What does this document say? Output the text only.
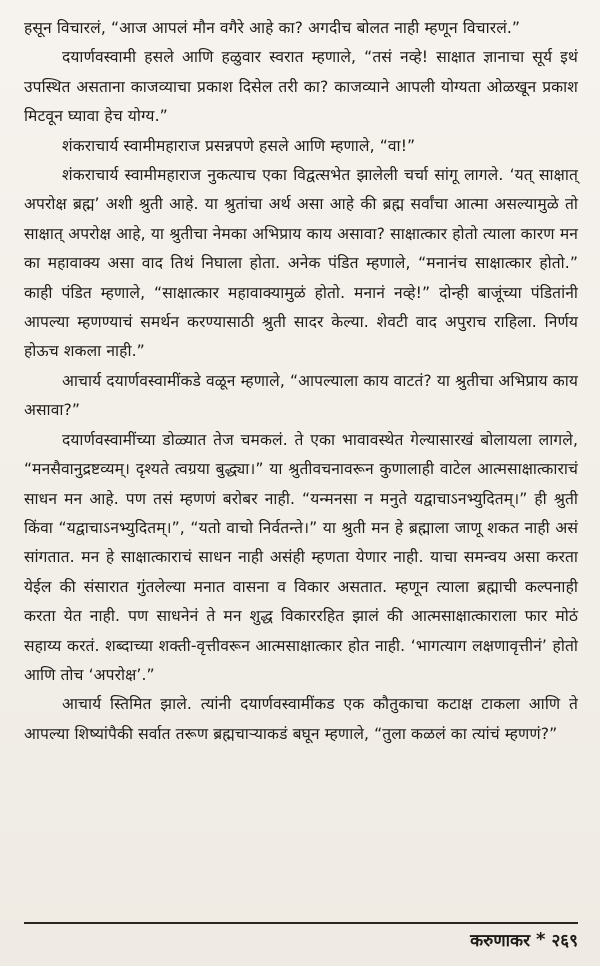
हसून विचारलं, “आज आपलं मौन वगैरे आहे का? अगदीच बोलत नाही म्हणून विचारलं.”

दयार्णवस्वामी हसले आणि हळुवार स्वरात म्हणाले, “तसं नव्हे! साक्षात ज्ञानाचा सूर्य इथं उपस्थित असताना काजव्याचा प्रकाश दिसेल तरी का? काजव्याने आपली योग्यता ओळखून प्रकाश मिटवून घ्यावा हेच योग्य.”

शंकराचार्य स्वामीमहाराज प्रसन्नपणे हसले आणि म्हणाले, “वा!”

शंकराचार्य स्वामीमहाराज नुकत्याच एका विद्वत्सभेत झालेली चर्चा सांगू लागले. ‘यत् साक्षात् अपरोक्ष ब्रह्म’ अशी श्रुती आहे. या श्रुतांचा अर्थ असा आहे की ब्रह्म सर्वांचा आत्मा असल्यामुळे तो साक्षात् अपरोक्ष आहे, या श्रुतीचा नेमका अभिप्राय काय असावा? साक्षात्कार होतो त्याला कारण मन का महावाक्य असा वाद तिथं निघाला होता. अनेक पंडित म्हणाले, “मनानंच साक्षात्कार होतो.” काही पंडित म्हणाले, “साक्षात्कार महावाक्यामुळं होतो. मनानं नव्हे!” दोन्ही बाजूंच्या पंडितांनी आपल्या म्हणण्याचं समर्थन करण्यासाठी श्रुती सादर केल्या. शेवटी वाद अपुराच राहिला. निर्णय होऊच शकला नाही.”

आचार्य दयार्णवस्वामींकडे वळून म्हणाले, “आपल्याला काय वाटतं? या श्रुतीचा अभिप्राय काय असावा?”

दयार्णवस्वामींच्या डोळ्यात तेज चमकलं. ते एका भावावस्थेत गेल्यासारखं बोलायला लागले, “मनसैवानुद्रष्टव्यम्। दृश्यते त्वग्रया बुद्ध्या।” या श्रुतीवचनावरून कुणालाही वाटेल आत्मसाक्षात्काराचं साधन मन आहे. पण तसं म्हणणं बरोबर नाही. “यन्मनसा न मनुते यद्वाचाऽनभ्युदितम्।” ही श्रुती किंवा “यद्वाचाऽनभ्युदितम्।”, “यतो वाचो निर्वतन्ते।” या श्रुती मन हे ब्रह्माला जाणू शकत नाही असं सांगतात. मन हे साक्षात्काराचं साधन नाही असंही म्हणता येणार नाही. याचा समन्वय असा करता येईल की संसारात गुंतलेल्या मनात वासना व विकार असतात. म्हणून त्याला ब्रह्माची कल्पनाही करता येत नाही. पण साधनेनं ते मन शुद्ध विकाररहित झालं की आत्मसाक्षात्काराला फार मोठं सहाय्य करतं. शब्दाच्या शक्ती-वृत्तीवरून आत्मसाक्षात्कार होत नाही. ‘भागत्याग लक्षणावृत्तीनं’ होतो आणि तोच ‘अपरोक्ष’.”

आचार्य स्तिमित झाले. त्यांनी दयार्णवस्वामींकड एक कौतुकाचा कटाक्ष टाकला आणि ते आपल्या शिष्यांपैकी सर्वात तरूण ब्रह्मचाऱ्याकडं बघून म्हणाले, “तुला कळलं का त्यांचं म्हणणं?”

करुणाकर * २६९
